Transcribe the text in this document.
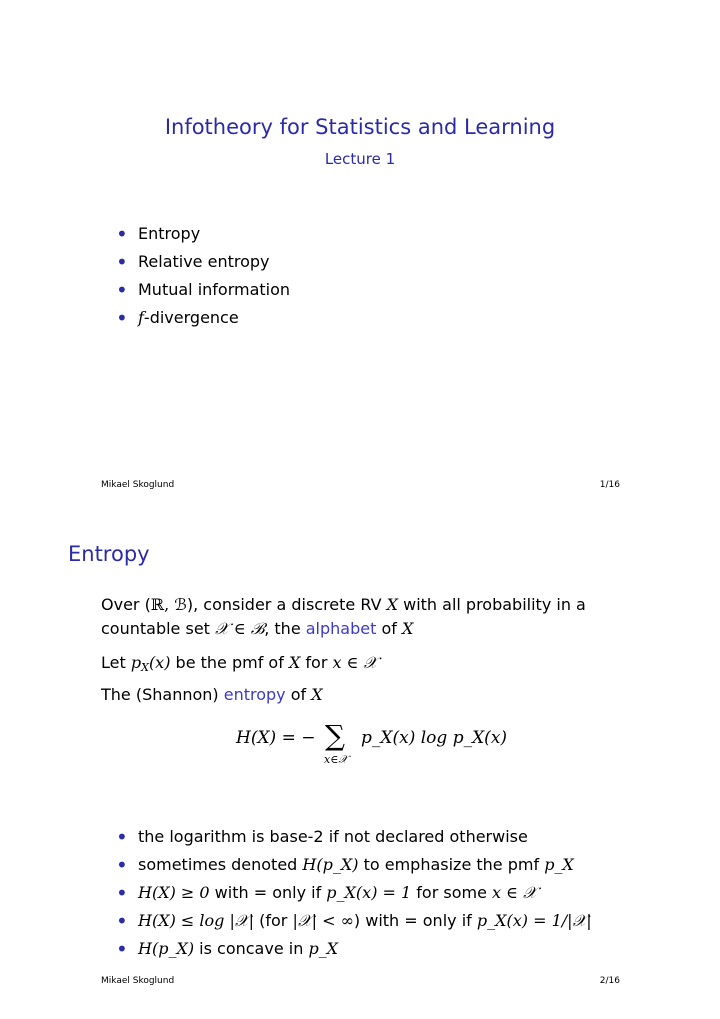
Infotheory for Statistics and Learning
Lecture 1
• Entropy
• Relative entropy
• Mutual information
• f-divergence
Mikael Skoglund	1/16
Entropy
Over (ℝ, ℬ), consider a discrete RV X with all probability in a
countable set 𝒳 ∈ ℬ, the alphabet of X
Let $p_X(x)$ be the pmf of X for x ∈ 𝒳
The (Shannon) entropy of X
H(X) = − ∑
x∈𝒳
p_X(x) log p_X(x)
• the logarithm is base-2 if not declared otherwise
• sometimes denoted H(p_X) to emphasize the pmf p_X
• H(X) ≥ 0 with = only if p_X(x) = 1 for some x ∈ 𝒳
• H(X) ≤ log |𝒳| (for |𝒳| < ∞) with = only if p_X(x) = 1/|𝒳|
• H(p_X) is concave in p_X
Mikael Skoglund	2/16
